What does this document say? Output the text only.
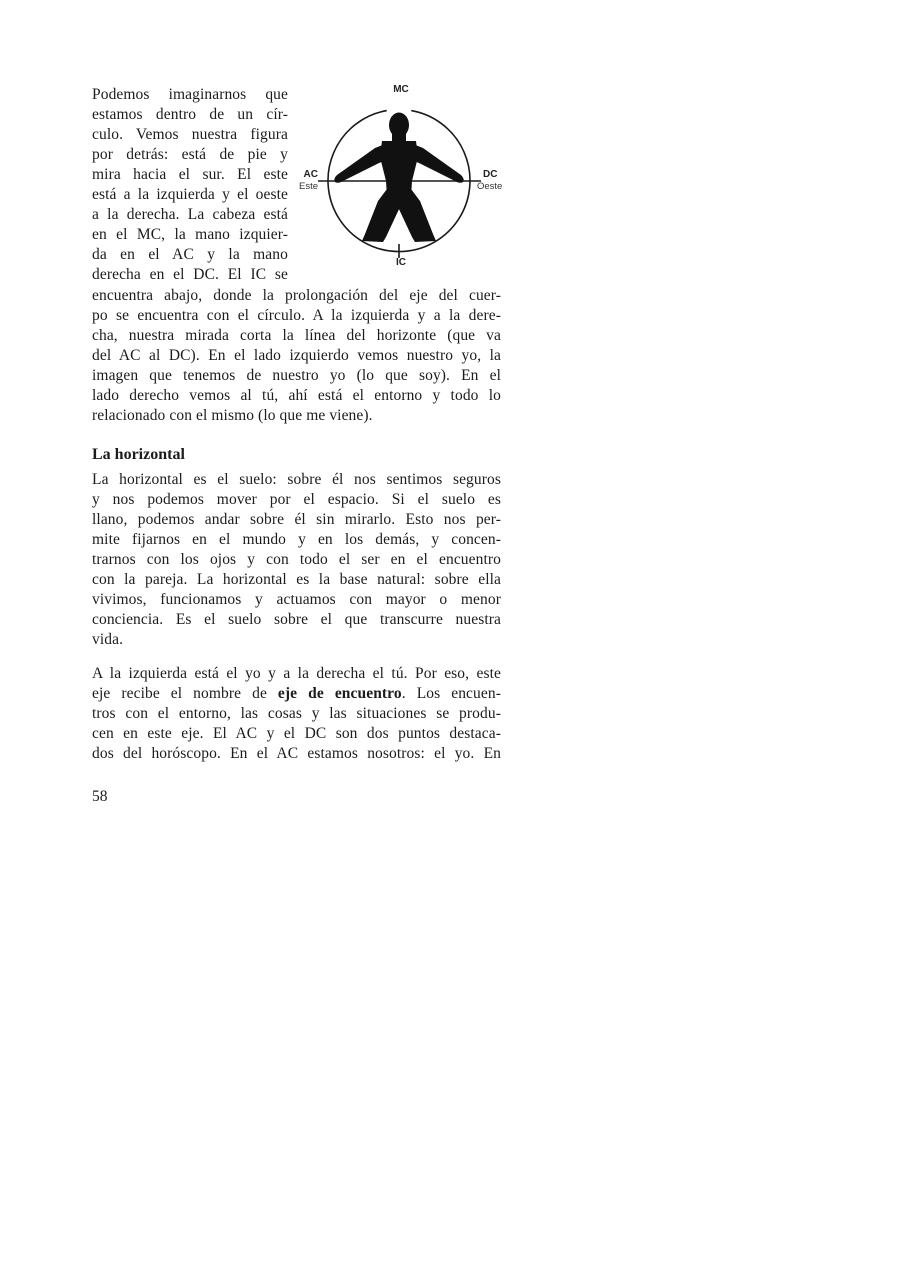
Podemos imaginarnos que
estamos dentro de un cír-
culo. Vemos nuestra figura
por detrás: está de pie y
mira hacia el sur. El este
está a la izquierda y el oeste
a la derecha. La cabeza está
en el MC, la mano izquier-
da en el AC y la mano
derecha en el DC. El IC se
MC
IC
AC
Este
DC
Oeste
encuentra abajo, donde la prolongación del eje del cuer-
po se encuentra con el círculo. A la izquierda y a la dere-
cha, nuestra mirada corta la línea del horizonte (que va
del AC al DC). En el lado izquierdo vemos nuestro yo, la
imagen que tenemos de nuestro yo (lo que soy). En el
lado derecho vemos al tú, ahí está el entorno y todo lo
relacionado con el mismo (lo que me viene).
La horizontal
La horizontal es el suelo: sobre él nos sentimos seguros
y nos podemos mover por el espacio. Si el suelo es
llano, podemos andar sobre él sin mirarlo. Esto nos per-
mite fijarnos en el mundo y en los demás, y concen-
trarnos con los ojos y con todo el ser en el encuentro
con la pareja. La horizontal es la base natural: sobre ella
vivimos, funcionamos y actuamos con mayor o menor
conciencia. Es el suelo sobre el que transcurre nuestra
vida.
A la izquierda está el yo y a la derecha el tú. Por eso, este
eje recibe el nombre de eje de encuentro. Los encuen-
tros con el entorno, las cosas y las situaciones se produ-
cen en este eje. El AC y el DC son dos puntos destaca-
dos del horóscopo. En el AC estamos nosotros: el yo. En
58
